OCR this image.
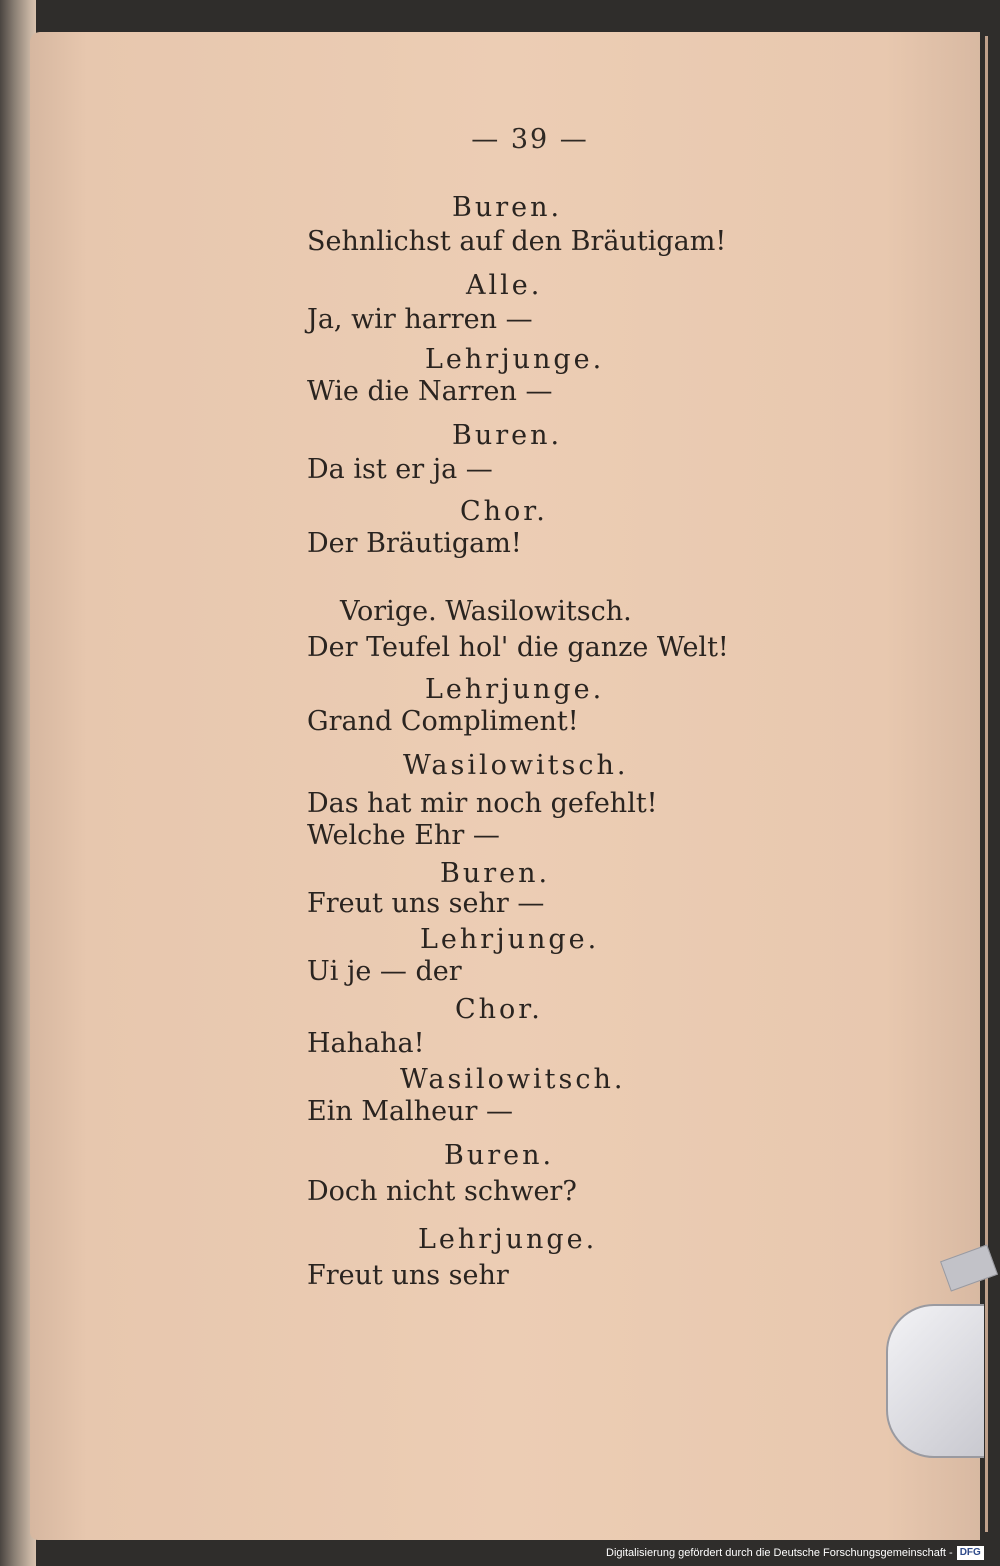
— 39 —
Buren.
Sehnlichst auf den Bräutigam!
Alle.
Ja, wir harren —
Lehrjunge.
Wie die Narren —
Buren.
Da ist er ja —
Chor.
Der Bräutigam!
Vorige. Wasilowitsch.
Der Teufel hol' die ganze Welt!
Lehrjunge.
Grand Compliment!
Wasilowitsch.
Das hat mir noch gefehlt!
Welche Ehr —
Buren.
Freut uns sehr —
Lehrjunge.
Ui je — der
Chor.
Hahaha!
Wasilowitsch.
Ein Malheur —
Buren.
Doch nicht schwer?
Lehrjunge.
Freut uns sehr
Digitalisierung gefördert durch die Deutsche Forschungsgemeinschaft - DFG
